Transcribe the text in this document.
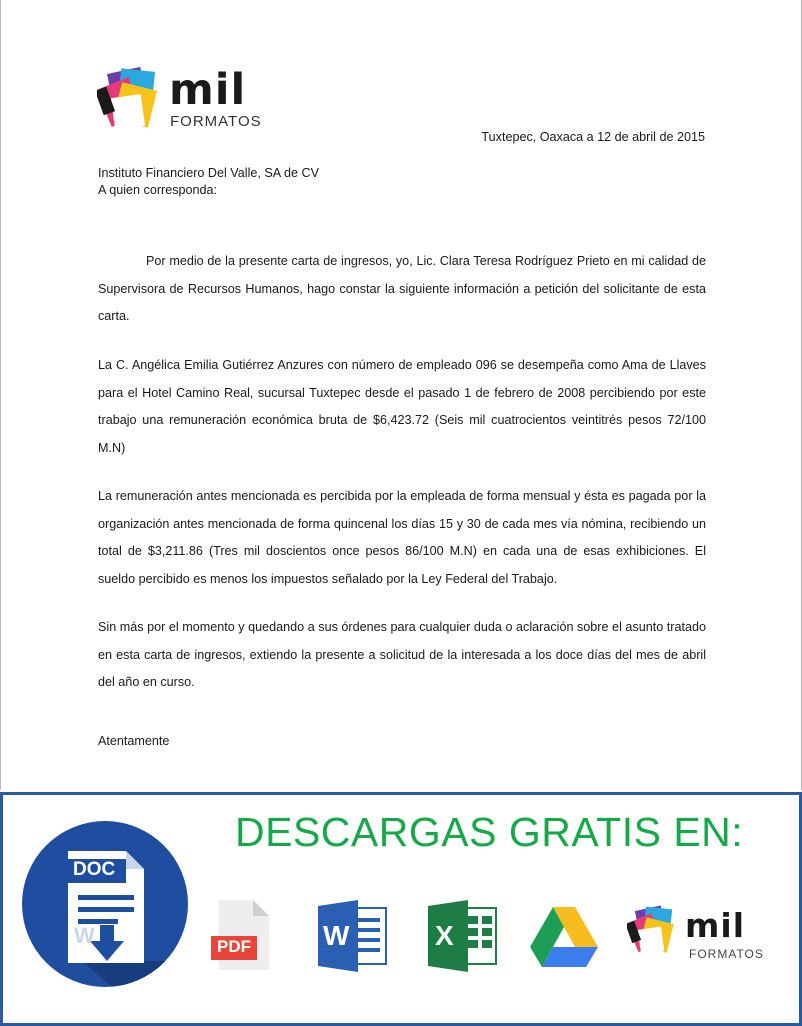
mil
FORMATOS
Tuxtepec, Oaxaca a 12 de abril de 2015
Instituto Financiero Del Valle, SA de CV
A quien corresponda:

Por medio de la presente carta de ingresos, yo, Lic. Clara Teresa Rodríguez Prieto en mi calidad de Supervisora de Recursos Humanos, hago constar la siguiente información a petición del solicitante de esta carta.

La C. Angélica Emilia Gutiérrez Anzures con número de empleado 096 se desempeña como Ama de Llaves para el Hotel Camino Real, sucursal Tuxtepec desde el pasado 1 de febrero de 2008 percibiendo por este trabajo una remuneración económica bruta de $6,423.72 (Seis mil cuatrocientos veintitrés pesos 72/100 M.N)

La remuneración antes mencionada es percibida por la empleada de forma mensual y ésta es pagada por la organización antes mencionada de forma quincenal los días 15 y 30 de cada mes vía nómina, recibiendo un total de $3,211.86 (Tres mil doscientos once pesos 86/100 M.N) en cada una de esas exhibiciones. El sueldo percibido es menos los impuestos señalado por la Ley Federal del Trabajo.

Sin más por el momento y quedando a sus órdenes para cualquier duda o aclaración sobre el asunto tratado en esta carta de ingresos, extiendo la presente a solicitud de la interesada a los doce días del mes de abril del año en curso.

Atentamente
DESCARGAS GRATIS EN:
DOC
W	PDF	W	X	mil
FORMATOS
